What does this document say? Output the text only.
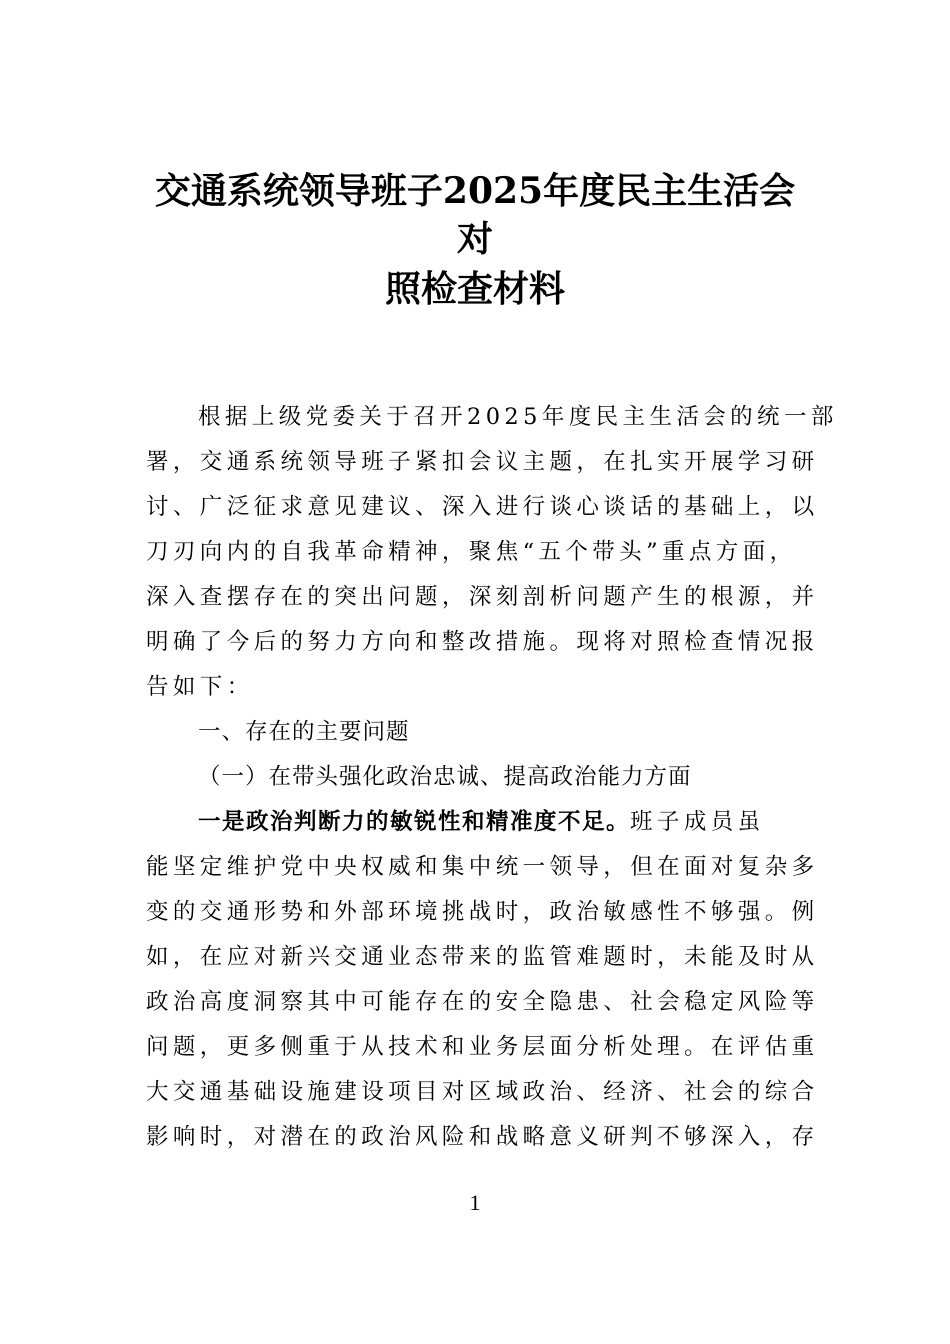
交通系统领导班子2025年度民主生活会对
照检查材料
根据上级党委关于召开2025年度民主生活会的统一部
署，交通系统领导班子紧扣会议主题，在扎实开展学习研
讨、广泛征求意见建议、深入进行谈心谈话的基础上，以
刀刃向内的自我革命精神，聚焦“五个带头”重点方面，
深入查摆存在的突出问题，深刻剖析问题产生的根源，并
明确了今后的努力方向和整改措施。现将对照检查情况报
告如下：
一、存在的主要问题
（一）在带头强化政治忠诚、提高政治能力方面
一是政治判断力的敏锐性和精准度不足。班子成员虽
能坚定维护党中央权威和集中统一领导，但在面对复杂多
变的交通形势和外部环境挑战时，政治敏感性不够强。例
如，在应对新兴交通业态带来的监管难题时，未能及时从
政治高度洞察其中可能存在的安全隐患、社会稳定风险等
问题，更多侧重于从技术和业务层面分析处理。在评估重
大交通基础设施建设项目对区域政治、经济、社会的综合
影响时，对潜在的政治风险和战略意义研判不够深入，存
1
